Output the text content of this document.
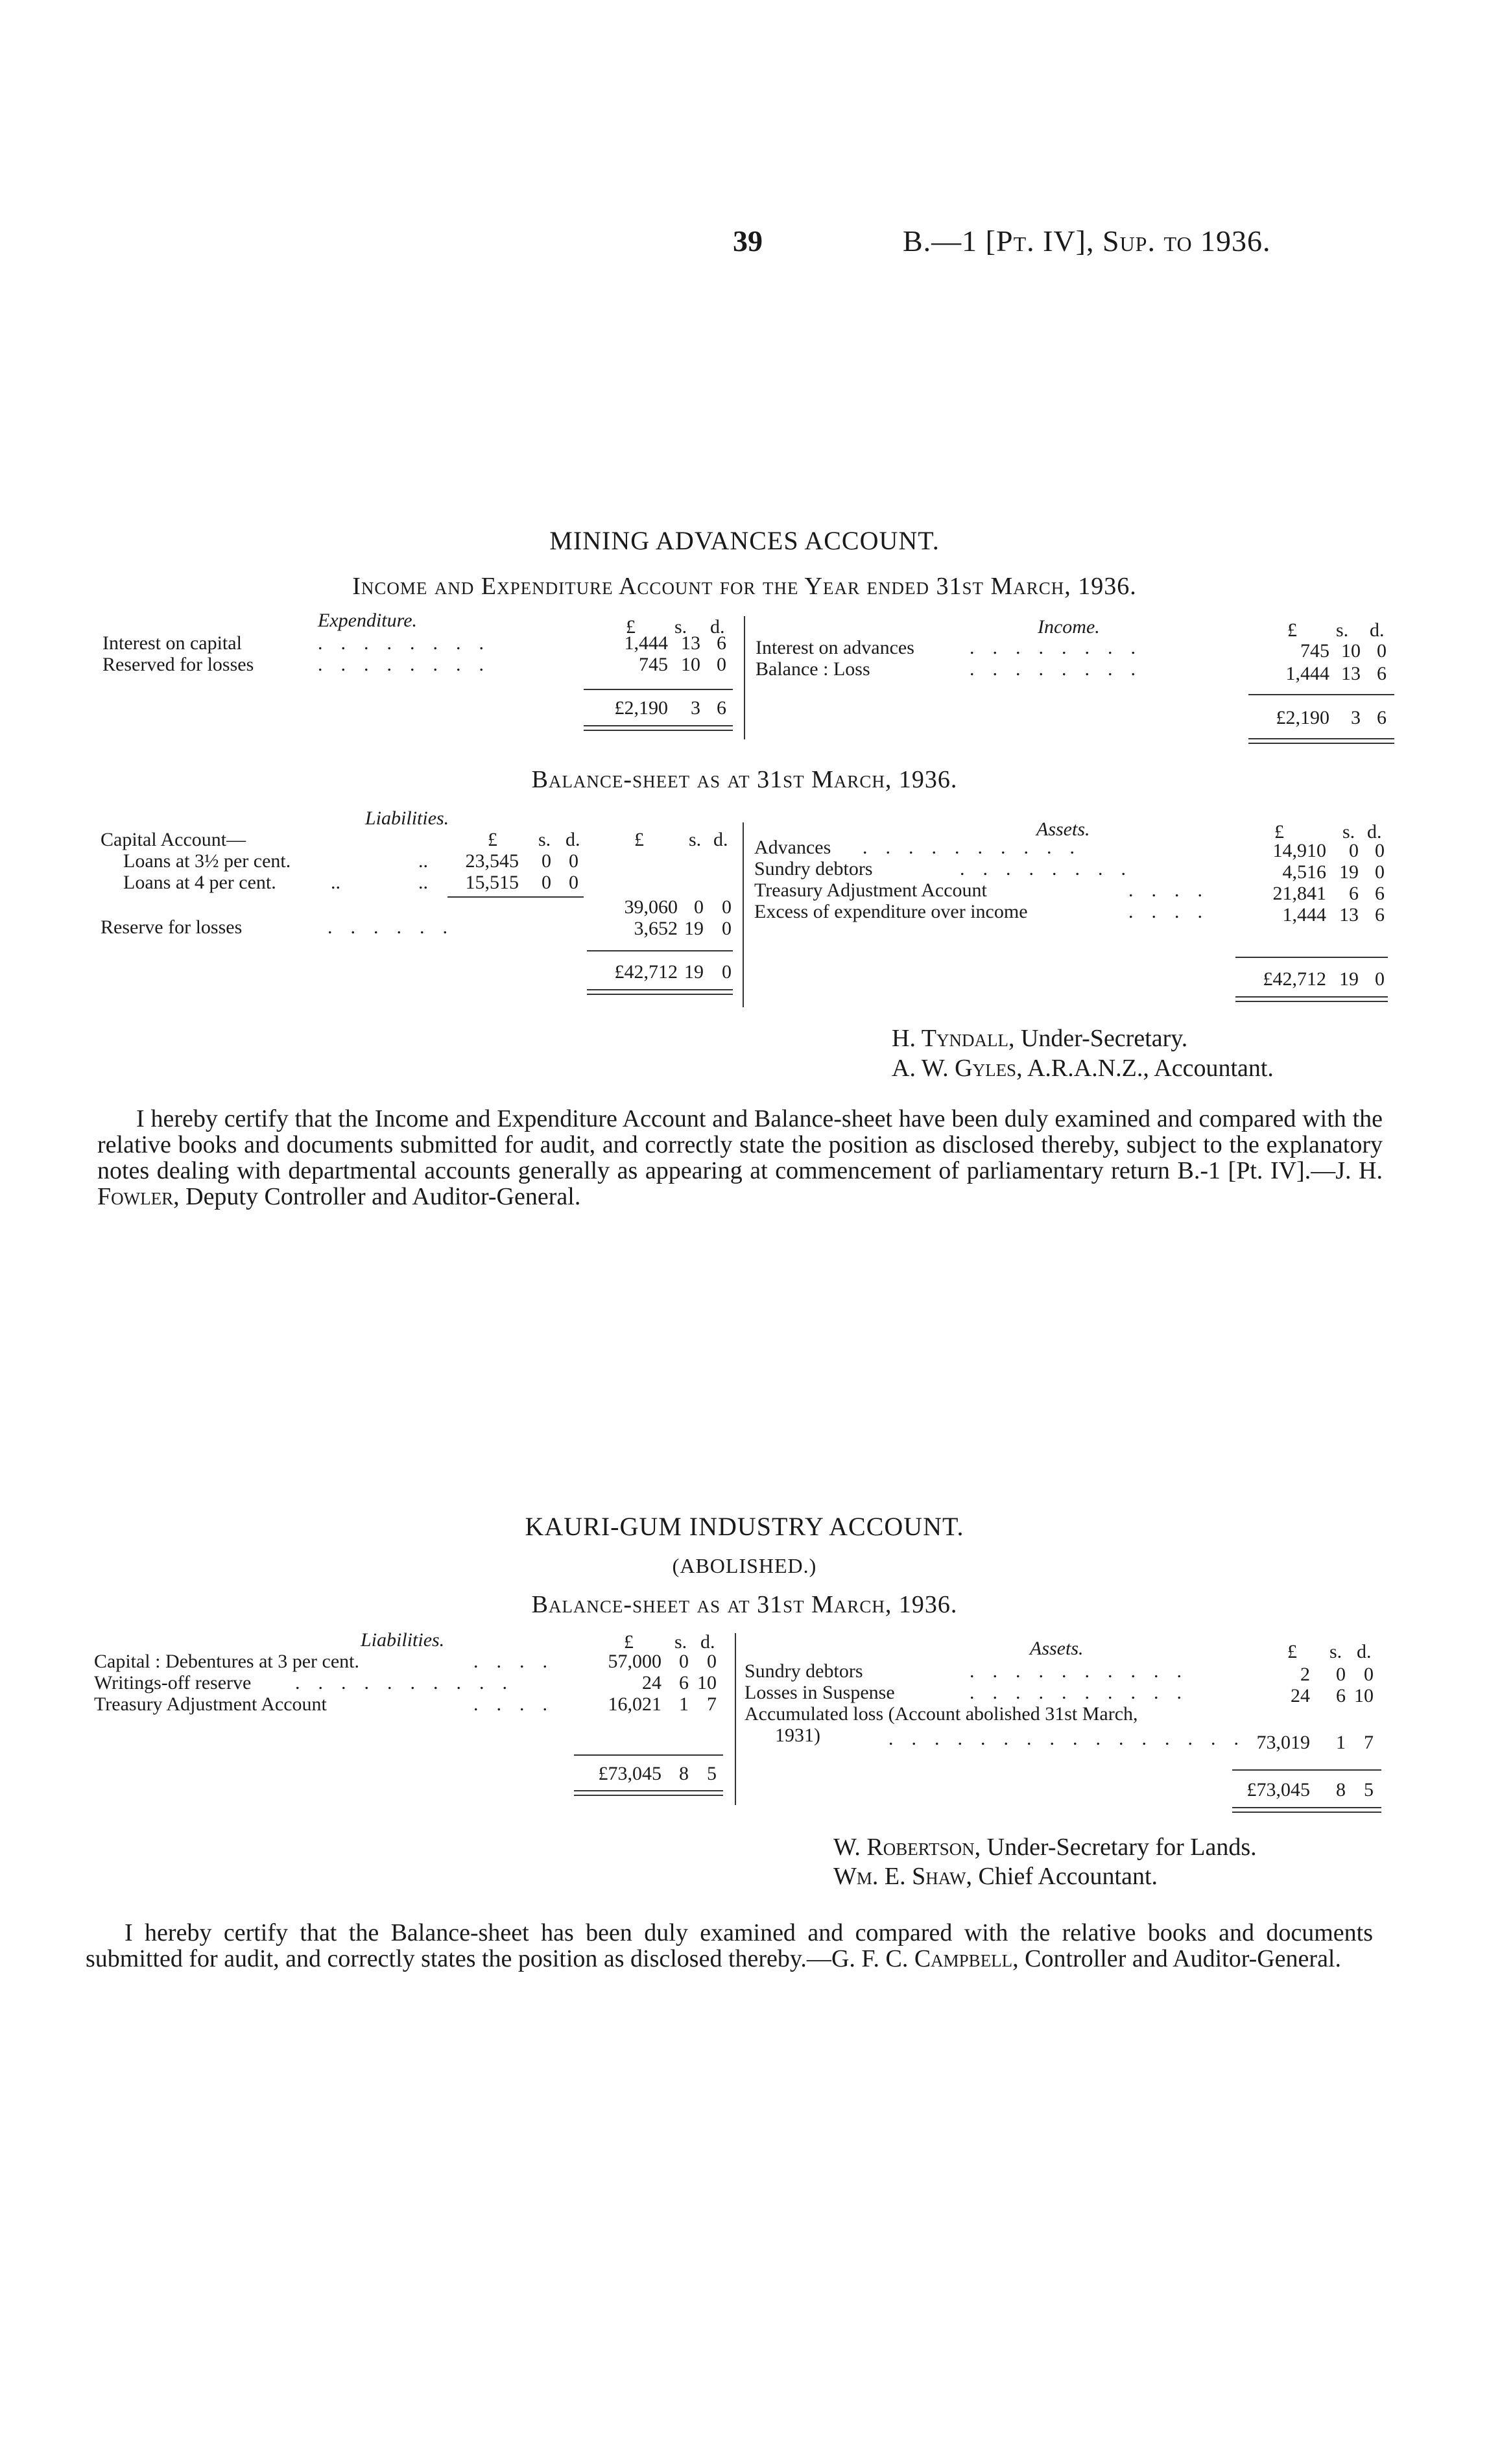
39	B.—1 [Pt. IV], Sup. to 1936.
MINING ADVANCES ACCOUNT.
Income and Expenditure Account for the Year ended 31st March, 1936.
Expenditure.	£ s. d.
Interest on capital	........	1,444 13 6
Reserved for losses	........	745 10 0
£2,190	3 6
Income.	£ s. d.
Interest on advances	........	745 10 0
Balance : Loss	........	1,444 13 6
£2,190	3 6
Balance-sheet as at 31st March, 1936.
Liabilities.
£ s. d.	£ s. d.
Capital Account—
Loans at 3½ per cent.	..	23,545	0 0
Loans at 4 per cent.	..	..	15,515	0 0
39,060 0 0
Reserve for losses	......	3,652 19 0
£42,712 19 0
Assets.	£	s. d.
Advances ..........	14,910	0 0
Sundry debtors	........	4,516 19 0
Treasury Adjustment Account	....	21,841	6 6
Excess of expenditure over income	....	1,444 13 6
£42,712 19 0
H. Tyndall, Under-Secretary.
A. W. Gyles, A.R.A.N.Z., Accountant.
I hereby certify that the Income and Expenditure Account and Balance-sheet have been duly examined and compared with the relative books and documents submitted for audit, and correctly state the position as disclosed thereby, subject to the explanatory notes dealing with departmental accounts generally as appearing at commencement of parliamentary return B.-1 [Pt. IV].—J. H. Fowler, Deputy Controller and Auditor-General.
KAURI-GUM INDUSTRY ACCOUNT.
(ABOLISHED.)
Balance-sheet as at 31st March, 1936.
Liabilities.	£ s. d.
Capital : Debentures at 3 per cent.	....	57,000 0 0
Writings-off reserve ..........	24 6 10
Treasury Adjustment Account	....	16,021 1 7
£73,045 8 5
Assets.	£ s. d.
Sundry debtors	..........	2	0 0
Losses in Suspense	..........	24	6 10
Accumulated loss (Account abolished 31st March,
1931)	................ 73,019	1 7
£73,045	8 5
W. Robertson, Under-Secretary for Lands.
Wm. E. Shaw, Chief Accountant.
I hereby certify that the Balance-sheet has been duly examined and compared with the relative books and documents submitted for audit, and correctly states the position as disclosed thereby.—G. F. C. Campbell, Controller and Auditor-General.
